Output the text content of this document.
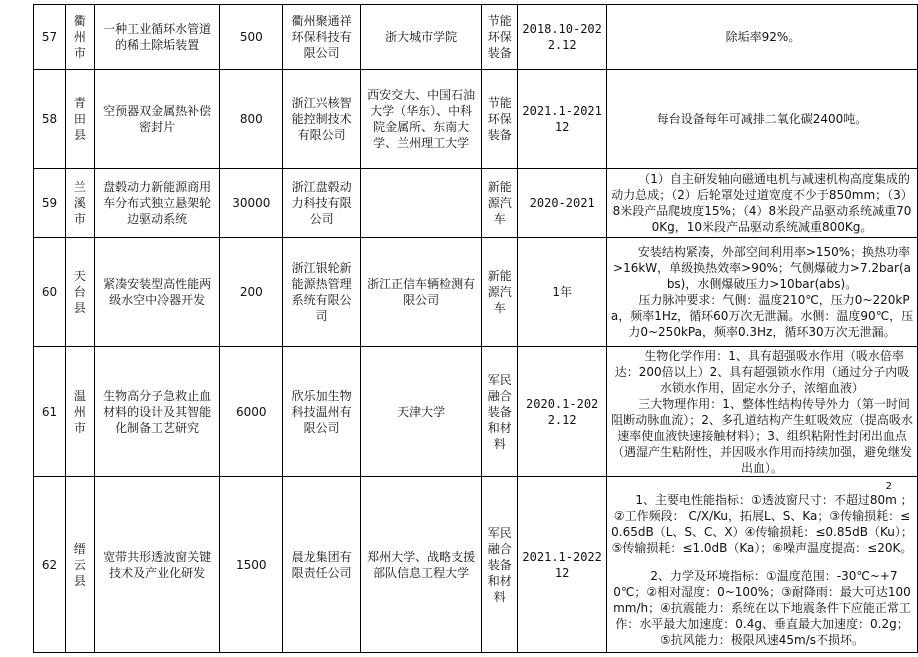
57	衢州市	一种工业循环水管道的稀土除垢装置	500	衢州聚通祥环保科技有限公司	浙大城市学院	节能环保装备	2018.10-2022.12	除垢率92%。

58	青田县	空预器双金属热补偿密封片	800	浙江兴核智能控制技术有限公司	西安交大、中国石油大学（华东）、中科院金属所、东南大学、兰州理工大学	节能环保装备	2021.1-202112	每台设备每年可减排二氧化碳2400吨。

59	兰溪市	盘毂动力新能源商用车分布式独立悬架轮边驱动系统	30000	浙江盘毂动力科技有限公司		新能源汽车	2020-2021	（1）自主研发轴向磁通电机与减速机构高度集成的动力总成；（2）后轮罩处过道宽度不少于850mm；（3）8米段产品爬坡度15%；（4）8米段产品驱动系统减重700Kg，10米段产品驱动系统减重800Kg。

60	天台县	紧凑安装型高性能两级水空中冷器开发	200	浙江银轮新能源热管理系统有限公司	浙江正信车辆检测有限公司	新能源汽车	1年	安装结构紧凑，外部空间利用率>150%；换热功率>16kW，单级换热效率>90%；气侧爆破力>7.2bar(abs)，水侧爆破压力>10bar(abs)。
压力脉冲要求：气侧：温度210℃，压力0~220kPa，频率1Hz，循环60万次无泄漏。水侧：温度90℃，压力0~250kPa，频率0.3Hz，循环30万次无泄漏。

61	温州市	生物高分子急救止血材料的设计及其智能化制备工艺研究	6000	欣乐加生物科技温州有限公司	天津大学	军民融合装备和材料	2020.1-2022.12	生物化学作用：1、具有超强吸水作用（吸水倍率达：200倍以上）2、具有超强锁水作用（通过分子内吸水锁水作用，固定水分子，浓缩血液）
三大物理作用：1、整体性结构传导外力（第一时间阻断动脉血流）；2、多孔道结构产生虹吸效应（提高吸水速率使血液快速接触材料）；3、组织粘附性封闭出血点（遇湿产生粘附性，并因吸水作用而持续加强，避免继发出血）。

62	缙云县	宽带共形透波窗关键技术及产业化研发	1500	晨龙集团有限责任公司	郑州大学、战略支援部队信息工程大学	军民融合装备和材料	2021.1-202212	2
1、主要电性能指标：①透波窗尺寸：不超过80m ；②工作频段： C/X/Ku，拓展L、S、Ka；③传输损耗：≤0.65dB（L、S、C、X）④传输损耗：≤0.85dB（Ku）；⑤传输损耗：≤1.0dB（Ka）；⑥噪声温度提高：≤20K。
2、力学及环境指标：①温度范围：-30℃~+70℃；②相对湿度：0~100%；③耐降雨：最大可达100mm/h；④抗震能力：系统在以下地震条件下应能正常工作：水平最大加速度：0.4g、垂直最大加速度：0.2g；⑤抗风能力：极限风速45m/s不损坏。
